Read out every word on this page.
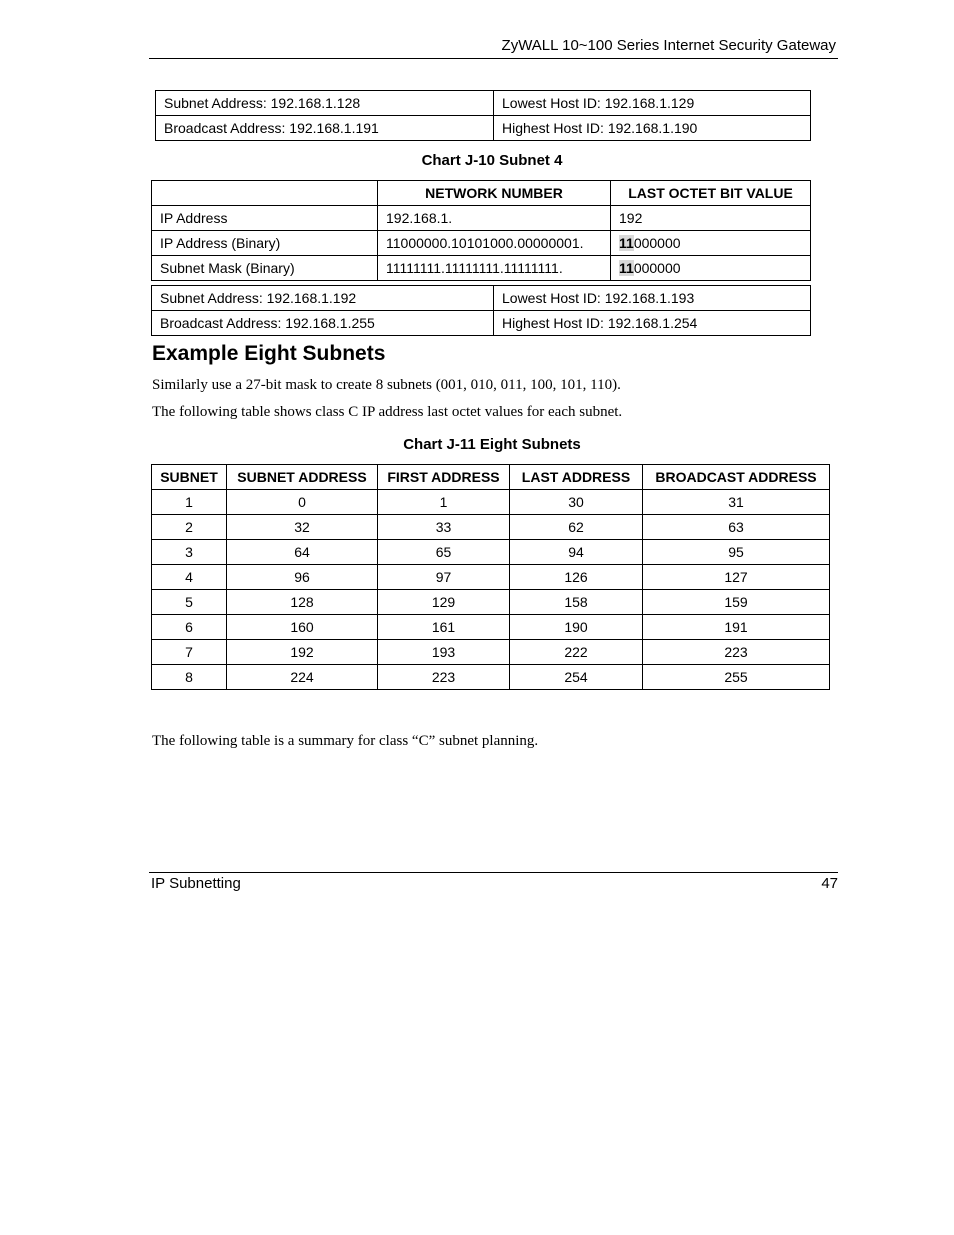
ZyWALL 10~100 Series Internet Security Gateway
Subnet Address: 192.168.1.128	Lowest Host ID: 192.168.1.129
Broadcast Address: 192.168.1.191	Highest Host ID: 192.168.1.190
Chart J-10 Subnet 4
	NETWORK NUMBER	LAST OCTET BIT VALUE
IP Address	192.168.1.	192
IP Address (Binary)	11000000.10101000.00000001.	11000000
Subnet Mask (Binary)	11111111.11111111.11111111.	11000000
Subnet Address: 192.168.1.192	Lowest Host ID: 192.168.1.193
Broadcast Address: 192.168.1.255	Highest Host ID: 192.168.1.254
Example Eight Subnets
Similarly use a 27-bit mask to create 8 subnets (001, 010, 011, 100, 101, 110).
The following table shows class C IP address last octet values for each subnet.
Chart J-11 Eight Subnets
SUBNET	SUBNET ADDRESS	FIRST ADDRESS	LAST ADDRESS	BROADCAST ADDRESS
1	0	1	30	31
2	32	33	62	63
3	64	65	94	95
4	96	97	126	127
5	128	129	158	159
6	160	161	190	191
7	192	193	222	223
8	224	223	254	255
The following table is a summary for class “C” subnet planning.
IP Subnetting	47
